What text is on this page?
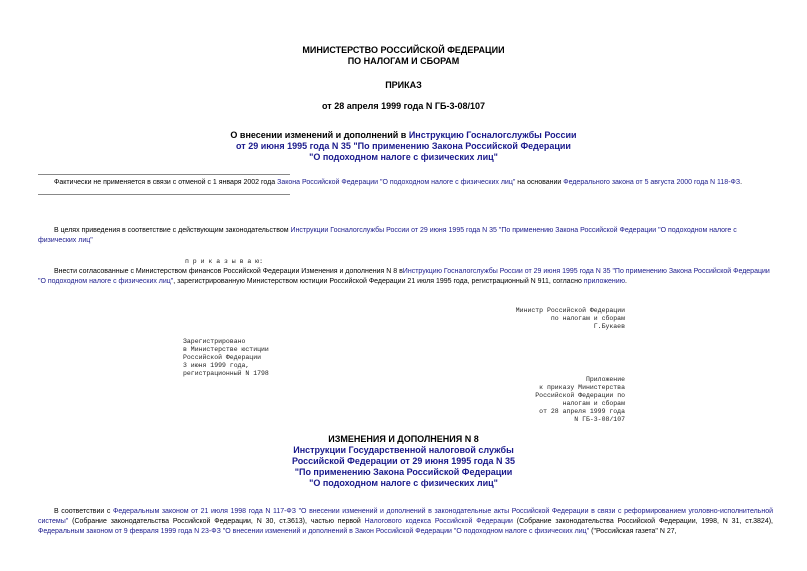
МИНИСТЕРСТВО РОССИЙСКОЙ ФЕДЕРАЦИИ
ПО НАЛОГАМ И СБОРАМ
ПРИКАЗ
от 28 апреля 1999 года N ГБ-3-08/107
О внесении изменений и дополнений в Инструкцию Госналогслужбы России
от 29 июня 1995 года N 35 "По применению Закона Российской Федерации
"О подоходном налоге с физических лиц"
Фактически не применяется в связи с отменой с 1 января 2002 года Закона Российской Федерации "О подоходном налоге с физических лиц" на основании Федерального закона от 5 августа 2000 года N 118-ФЗ.
В целях приведения в соответствие с действующим законодательством Инструкции Госналогслужбы России от 29 июня 1995 года N 35 "По применению Закона Российской Федерации "О подоходном налоге с физических лиц"
п р и к а з ы в а ю:
Внести согласованные с Министерством финансов Российской Федерации Изменения и дополнения N 8 вИнструкцию Госналогслужбы России от 29 июня 1995 года N 35 "По применению Закона Российской Федерации "О подоходном налоге с физических лиц", зарегистрированную Министерством юстиции Российской Федерации 21 июля 1995 года, регистрационный N 911, согласно приложению.
Министр Российской Федерации
по налогам и сборам
Г.Букаев
Зарегистрировано
в Министерстве юстиции
Российской Федерации
3 июня 1999 года,
регистрационный N 1798
Приложение
к приказу Министерства
Российской Федерации по
налогам и сборам
от 28 апреля 1999 года
N ГБ-3-08/107
ИЗМЕНЕНИЯ И ДОПОЛНЕНИЯ N 8
Инструкции Государственной налоговой службы
Российской Федерации от 29 июня 1995 года N 35
"По применению Закона Российской Федерации
"О подоходном налоге с физических лиц"
В соответствии с Федеральным законом от 21 июля 1998 года N 117-ФЗ "О внесении изменений и дополнений в законодательные акты Российской Федерации в связи с реформированием уголовно-исполнительной системы" (Собрание законодательства Российской Федерации, N 30, ст.3613), частью первой Налогового кодекса Российской Федерации (Собрание законодательства Российской Федерации, 1998, N 31, ст.3824), Федеральным законом от 9 февраля 1999 года N 23-ФЗ "О внесении изменений и дополнений в Закон Российской Федерации "О подоходном налоге с физических лиц" ("Российская газета" N 27,
